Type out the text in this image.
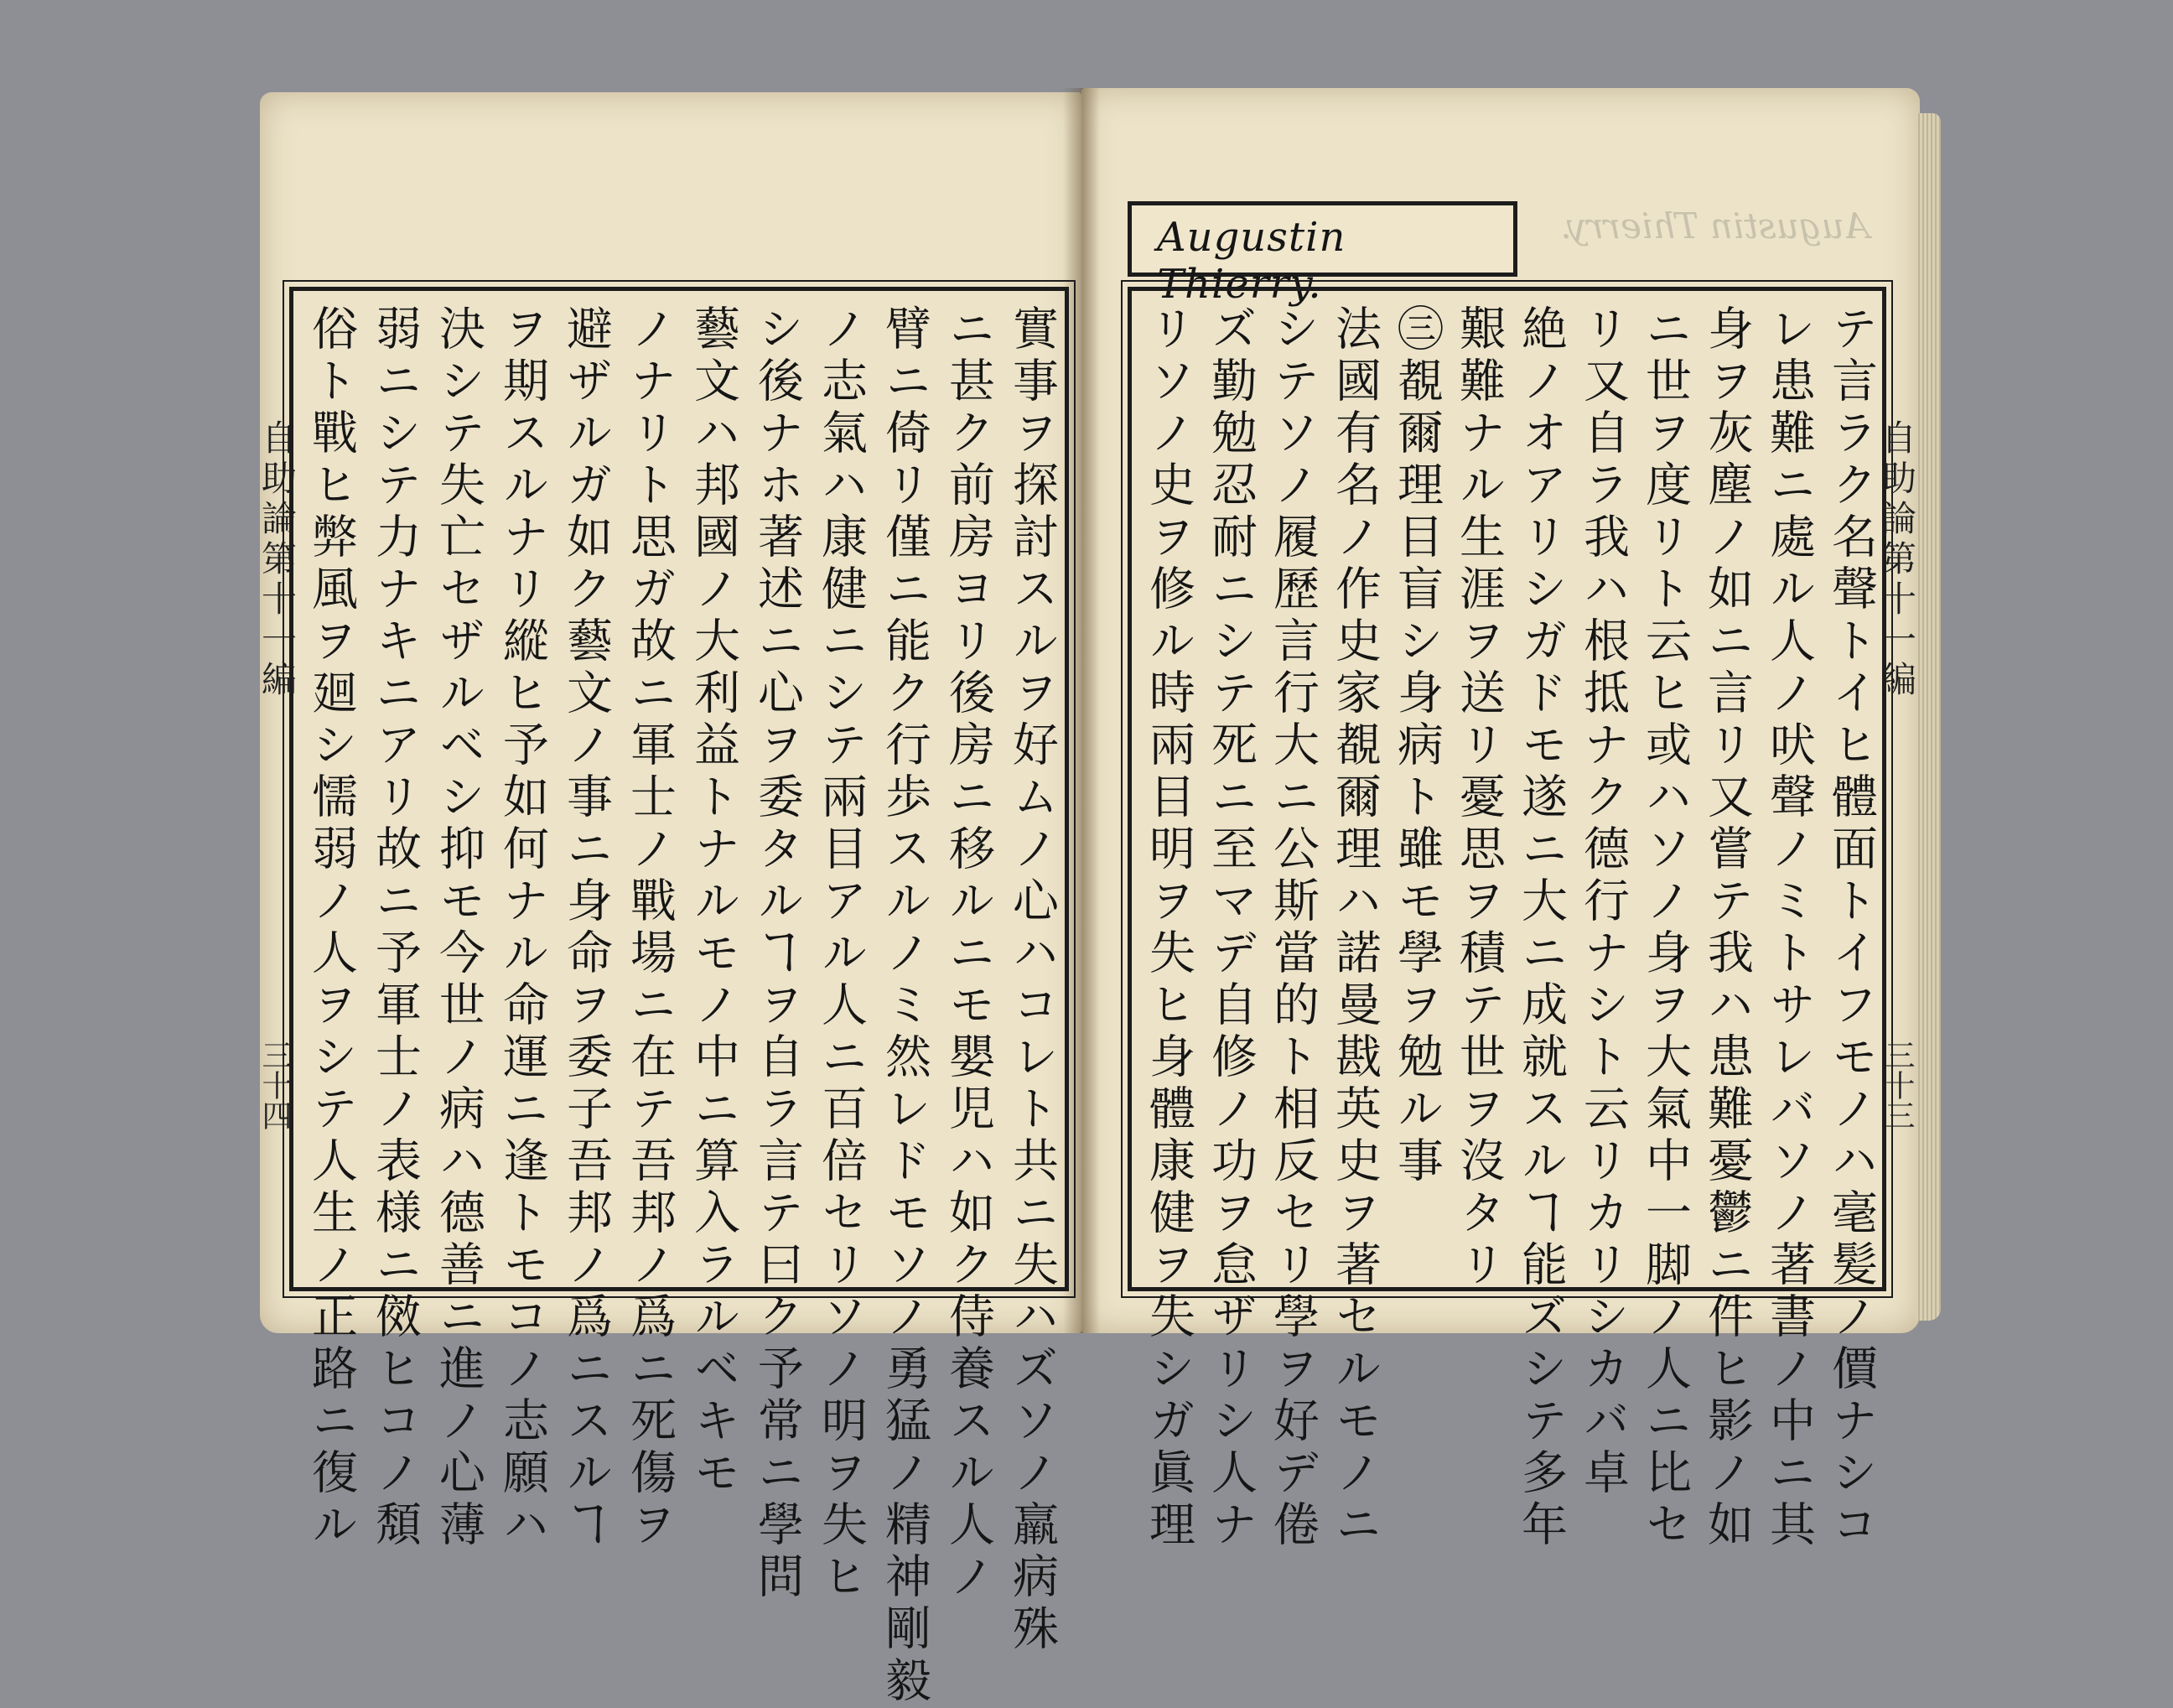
Augustin Thierry.
自助論第十一編
三十四	實事ヲ探討スルヲ好ムノ心ハコレト共ニ失ハズソノ羸病殊
ニ甚ク前房ヨリ後房ニ移ルニモ嬰児ハ如ク侍養スル人ノ
臂ニ倚リ僅ニ能ク行歩スルノミ然レドモソノ勇猛ノ精神剛毅
ノ志氣ハ康健ニシテ兩目アル人ニ百倍セリソノ明ヲ失ヒ
シ後ナホ著述ニ心ヲ委タルヿヲ自ラ言テ曰ク予常ニ學問
藝文ハ邦國ノ大利益トナルモノ中ニ算入ラルベキモ
ノナリト思ガ故ニ軍士ノ戰場ニ在テ吾邦ノ爲ニ死傷ヲ
避ザルガ如ク藝文ノ事ニ身命ヲ委子吾邦ノ爲ニスルヿ
ヲ期スルナリ縱ヒ予如何ナル命運ニ逢トモコノ志願ハ
決シテ失亡セザルベシ抑モ今世ノ病ハ德善ニ進ノ心薄
弱ニシテ力ナキニアリ故ニ予軍士ノ表様ニ傚ヒコノ頽
俗ト戰ヒ弊風ヲ廻シ懦弱ノ人ヲシテ人生ノ正路ニ復ル
Augustin Thierry.
自助論第十一編
三十三
テ言ラク名聲トイヒ體面トイフモノハ毫髪ノ價ナシコ
レ患難ニ處ル人ノ吠聲ノミトサレバソノ著書ノ中ニ其
身ヲ灰塵ノ如ニ言リ又嘗テ我ハ患難憂鬱ニ件ヒ影ノ如
ニ世ヲ度リト云ヒ或ハソノ身ヲ大氣中一脚ノ人ニ比セ
リ又自ラ我ハ根抵ナク德行ナシト云リカリシカバ卓
絶ノオアリシガドモ遂ニ大ニ成就スルヿ能ズシテ多年
艱難ナル生涯ヲ送リ憂思ヲ積テ世ヲ沒タリ
㊂覩爾理目盲シ身病ト雖モ學ヲ勉ル事
法國有名ノ作史家覩爾理ハ諾曼戡英史ヲ著セルモノニ
シテソノ履歷言行大ニ公斯當的ト相反セリ學ヲ好デ倦
ズ勤勉忍耐ニシテ死ニ至マデ自修ノ功ヲ怠ザリシ人ナ
リソノ史ヲ修ル時兩目明ヲ失ヒ身體康健ヲ失シガ眞理
